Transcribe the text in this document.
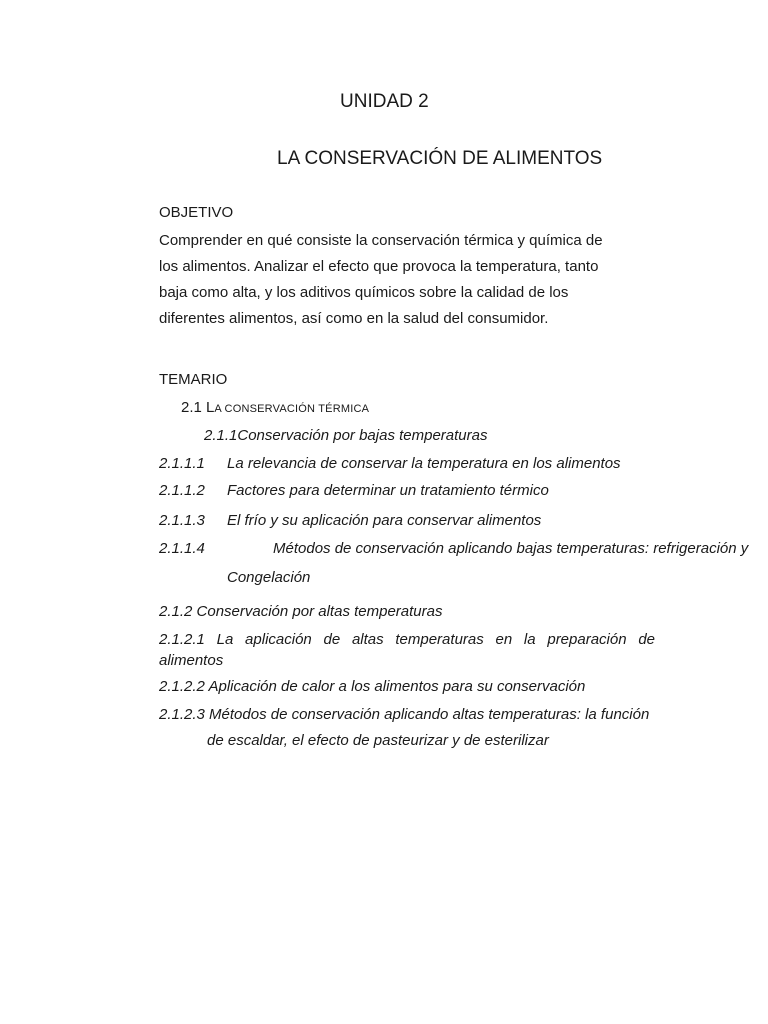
UNIDAD 2
LA CONSERVACIÓN DE ALIMENTOS
OBJETIVO
Comprender en qué consiste la conservación térmica y química de
los alimentos. Analizar el efecto que provoca la temperatura, tanto
baja como alta, y los aditivos químicos sobre la calidad de los
diferentes alimentos, así como en la salud del consumidor.
TEMARIO
2.1 LA CONSERVACIÓN TÉRMICA
2.1.1Conservación por bajas temperaturas
2.1.1.1 La relevancia de conservar la temperatura en los alimentos
2.1.1.2 Factores para determinar un tratamiento térmico
2.1.1.3 El frío y su aplicación para conservar alimentos
2.1.1.4	Métodos de conservación aplicando bajas temperaturas: refrigeración y
Congelación
2.1.2 Conservación por altas temperaturas
2.1.2.1 La aplicación de altas temperaturas en la preparación de
alimentos
2.1.2.2 Aplicación de calor a los alimentos para su conservación
2.1.2.3 Métodos de conservación aplicando altas temperaturas: la función
de escaldar, el efecto de pasteurizar y de esterilizar
